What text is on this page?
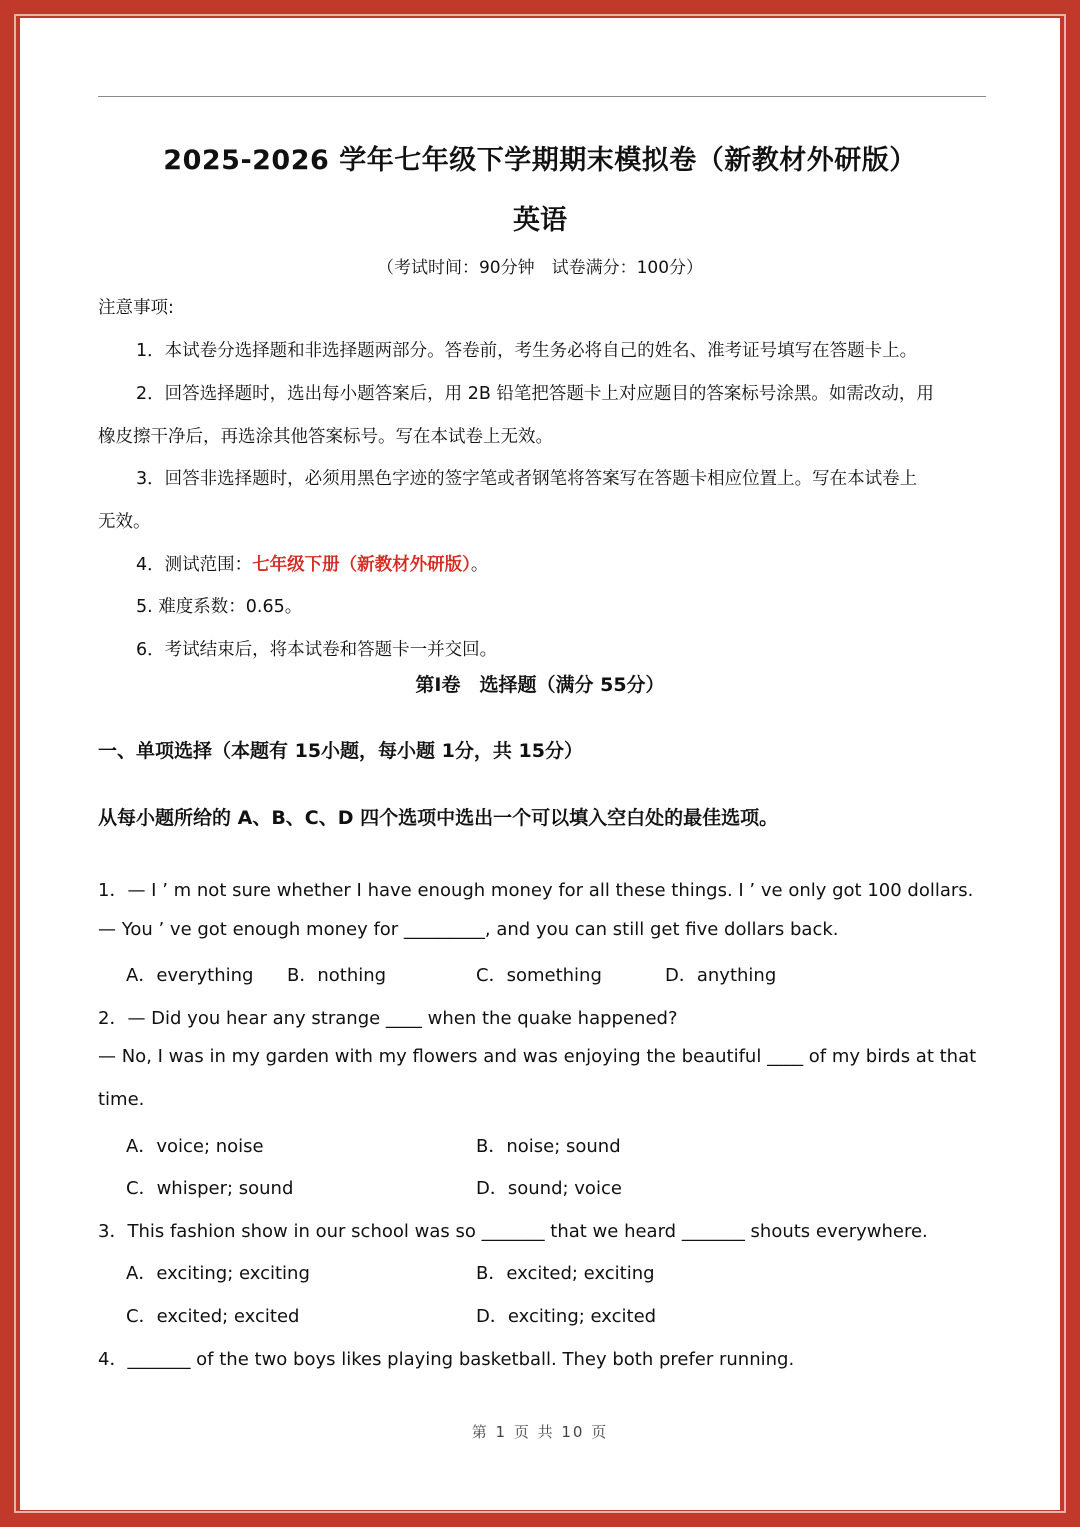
2025-2026 学年七年级下学期期末模拟卷（新教材外研版）
英语
（考试时间：90分钟　试卷满分：100分）
注意事项:
1．本试卷分选择题和非选择题两部分。答卷前，考生务必将自己的姓名、准考证号填写在答题卡上。
2．回答选择题时，选出每小题答案后，用 2B 铅笔把答题卡上对应题目的答案标号涂黑。如需改动，用
橡皮擦干净后，再选涂其他答案标号。写在本试卷上无效。
3．回答非选择题时，必须用黑色字迹的签字笔或者钢笔将答案写在答题卡相应位置上。写在本试卷上
无效。
4．测试范围：七年级下册（新教材外研版）。
5. 难度系数：0.65。
6．考试结束后，将本试卷和答题卡一并交回。
第Ⅰ卷　选择题（满分 55分）
一、单项选择（本题有 15小题，每小题 1分，共 15分）
从每小题所给的 A、B、C、D 四个选项中选出一个可以填入空白处的最佳选项。
1．— I ’ m not sure whether I have enough money for all these things. I ’ ve only got 100 dollars.
— You ’ ve got enough money for _________, and you can still get five dollars back.
A．everything B．nothing	C．something	D．anything
2．— Did you hear any strange ____ when the quake happened?
— No, I was in my garden with my flowers and was enjoying the beautiful ____ of my birds at that
time.
A．voice; noise	B．noise; sound
C．whisper; sound	D．sound; voice
3．This fashion show in our school was so _______ that we heard _______ shouts everywhere.
A．exciting; exciting	B．excited; exciting
C．excited; excited	D．exciting; excited
4．_______ of the two boys likes playing basketball. They both prefer running.
第 1 页 共 10 页
